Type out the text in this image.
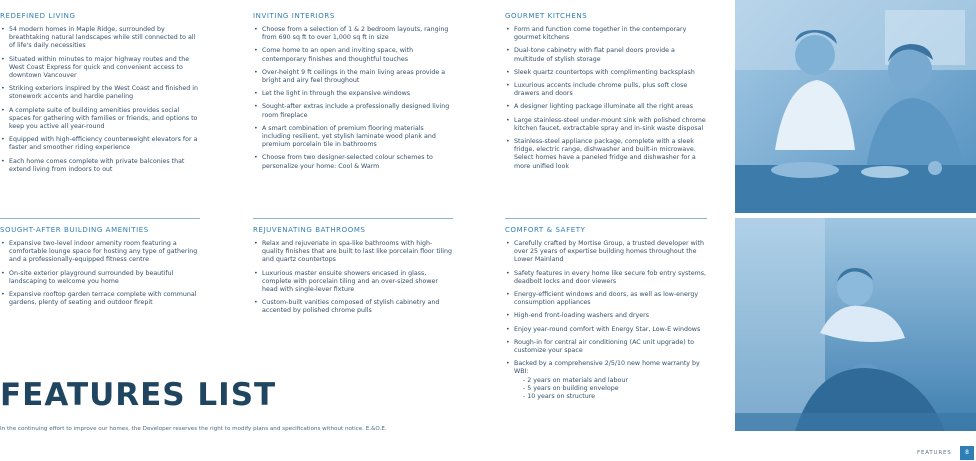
REDEFINED LIVING
• 54 modern homes in Maple Ridge, surrounded by breathtaking natural landscapes while still connected to all of life's daily necessities
• Situated within minutes to major highway routes and the West Coast Express for quick and convenient access to downtown Vancouver
• Striking exteriors inspired by the West Coast and finished in stonework accents and hardie paneling
• A complete suite of building amenities provides social spaces for gathering with families or friends, and options to keep you active all year-round
• Equipped with high-efficiency counterweight elevators for a faster and smoother riding experience
• Each home comes complete with private balconies that extend living from indoors to out
INVITING INTERIORS
• Choose from a selection of 1 & 2 bedroom layouts, ranging from 690 sq ft to over 1,000 sq ft in size
• Come home to an open and inviting space, with contemporary finishes and thoughtful touches
• Over-height 9 ft ceilings in the main living areas provide a bright and airy feel throughout
• Let the light in through the expansive windows
• Sought-after extras include a professionally designed living room fireplace
• A smart combination of premium flooring materials including resilient, yet stylish laminate wood plank and premium porcelain tile in bathrooms
• Choose from two designer-selected colour schemes to personalize your home: Cool & Warm
GOURMET KITCHENS
• Form and function come together in the contemporary gourmet kitchens
• Dual-tone cabinetry with flat panel doors provide a multitude of stylish storage
• Sleek quartz countertops with complimenting backsplash
• Luxurious accents include chrome pulls, plus soft close drawers and doors
• A designer lighting package illuminate all the right areas
• Large stainless-steel under-mount sink with polished chrome kitchen faucet, extractable spray and in-sink waste disposal
• Stainless-steel appliance package, complete with a sleek fridge, electric range, dishwasher and built-in microwave. Select homes have a paneled fridge and dishwasher for a more unified look
SOUGHT-AFTER BUILDING AMENITIES
• Expansive two-level indoor amenity room featuring a comfortable lounge space for hosting any type of gathering and a professionally-equipped fitness centre
• On-site exterior playground surrounded by beautiful landscaping to welcome you home
• Expansive rooftop garden terrace complete with communal gardens, plenty of seating and outdoor firepit
REJUVENATING BATHROOMS
• Relax and rejuvenate in spa-like bathrooms with high-quality finishes that are built to last like porcelain floor tiling and quartz countertops
• Luxurious master ensuite showers encased in glass, complete with porcelain tiling and an over-sized shower head with single-lever fixture
• Custom-built vanities composed of stylish cabinetry and accented by polished chrome pulls
COMFORT & SAFETY
• Carefully crafted by Mortise Group, a trusted developer with over 25 years of expertise building homes throughout the Lower Mainland
• Safety features in every home like secure fob entry systems, deadbolt locks and door viewers
• Energy-efficient windows and doors, as well as low-energy consumption appliances
• High-end front-loading washers and dryers
• Enjoy year-round comfort with Energy Star, Low-E windows
• Rough-in for central air conditioning (AC unit upgrade) to customize your space
• Backed by a comprehensive 2/5/10 new home warranty by WBI:
- 2 years on materials and labour
- 5 years on building envelope
- 10 years on structure
FEATURES LIST
In the continuing effort to improve our homes, the Developer reserves the right to modify plans and specifications without notice. E.&O.E.
FEATURES	8
